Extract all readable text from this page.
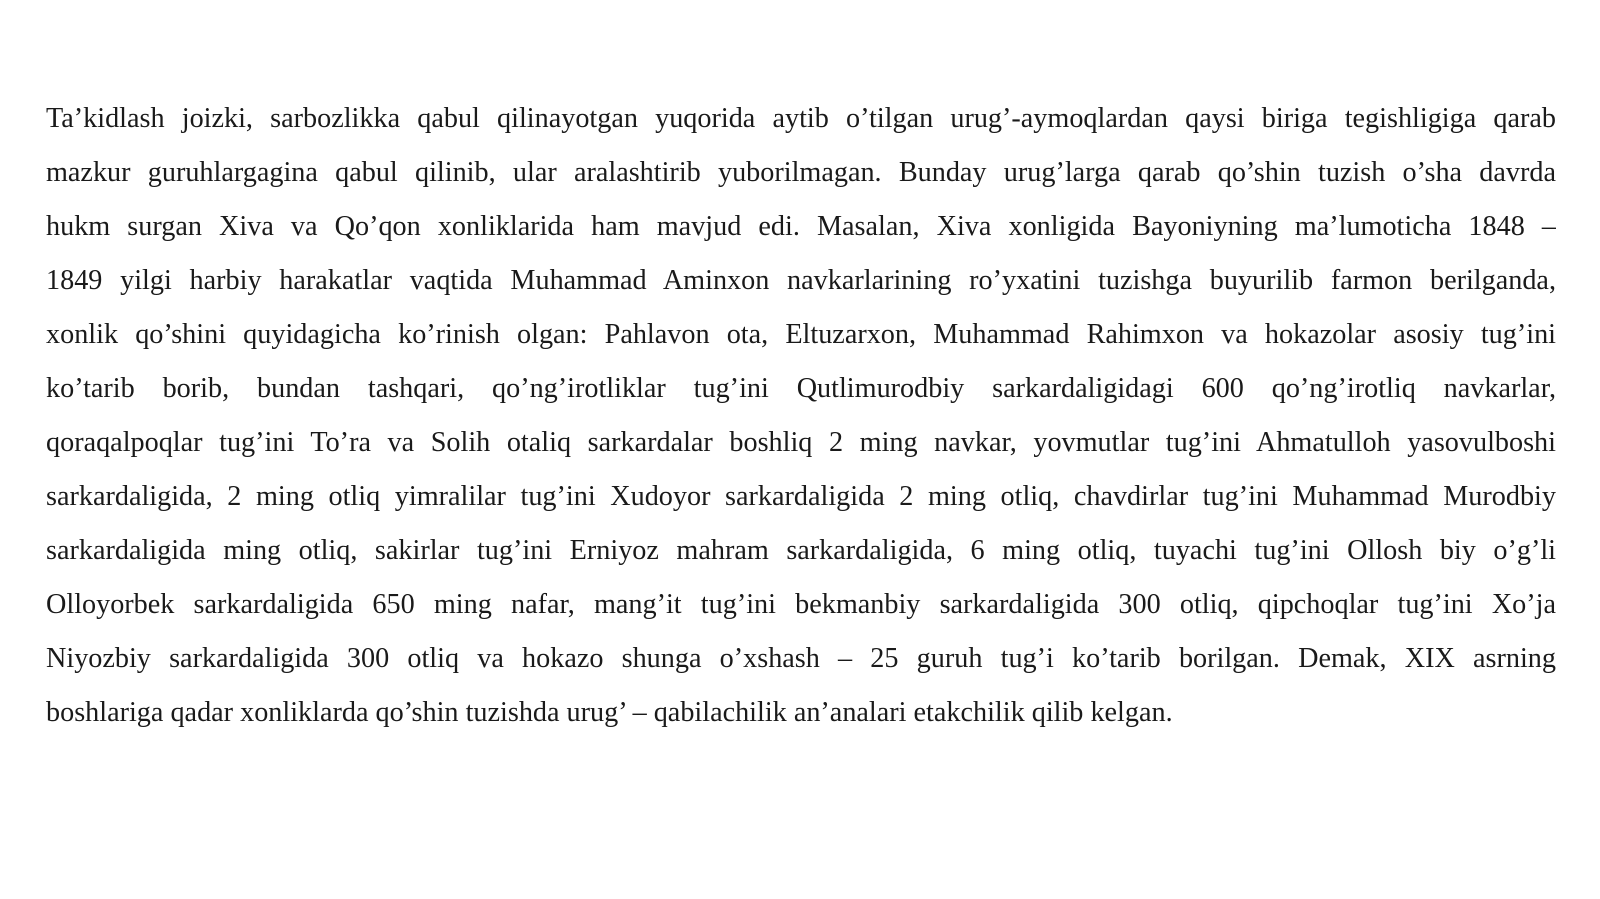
Ta’kidlash joizki, sarbozlikka qabul qilinayotgan yuqorida aytib o’tilgan urug’-aymoqlardan qaysi biriga tegishligiga qarab
mazkur guruhlargagina qabul qilinib, ular aralashtirib yuborilmagan. Bunday urug’larga qarab qo’shin tuzish o’sha davrda
hukm surgan Xiva va Qo’qon xonliklarida ham mavjud edi. Masalan, Xiva xonligida Bayoniyning ma’lumoticha 1848 –
1849 yilgi harbiy harakatlar vaqtida Muhammad Aminxon navkarlarining ro’yxatini tuzishga buyurilib farmon berilganda,
xonlik qo’shini quyidagicha ko’rinish olgan: Pahlavon ota, Eltuzarxon, Muhammad Rahimxon va hokazolar asosiy tug’ini
ko’tarib borib, bundan tashqari, qo’ng’irotliklar tug’ini Qutlimurodbiy sarkardaligidagi 600 qo’ng’irotliq navkarlar,
qoraqalpoqlar tug’ini To’ra va Solih otaliq sarkardalar boshliq 2 ming navkar, yovmutlar tug’ini Ahmatulloh yasovulboshi
sarkardaligida, 2 ming otliq yimralilar tug’ini Xudoyor sarkardaligida 2 ming otliq, chavdirlar tug’ini Muhammad Murodbiy
sarkardaligida ming otliq, sakirlar tug’ini Erniyoz mahram sarkardaligida, 6 ming otliq, tuyachi tug’ini Ollosh biy o’g’li
Olloyorbek sarkardaligida 650 ming nafar, mang’it tug’ini bekmanbiy sarkardaligida 300 otliq, qipchoqlar tug’ini Xo’ja
Niyozbiy sarkardaligida 300 otliq va hokazo shunga o’xshash – 25 guruh tug’i ko’tarib borilgan. Demak, XIX asrning
boshlariga qadar xonliklarda qo’shin tuzishda urug’ – qabilachilik an’analari etakchilik qilib kelgan.
